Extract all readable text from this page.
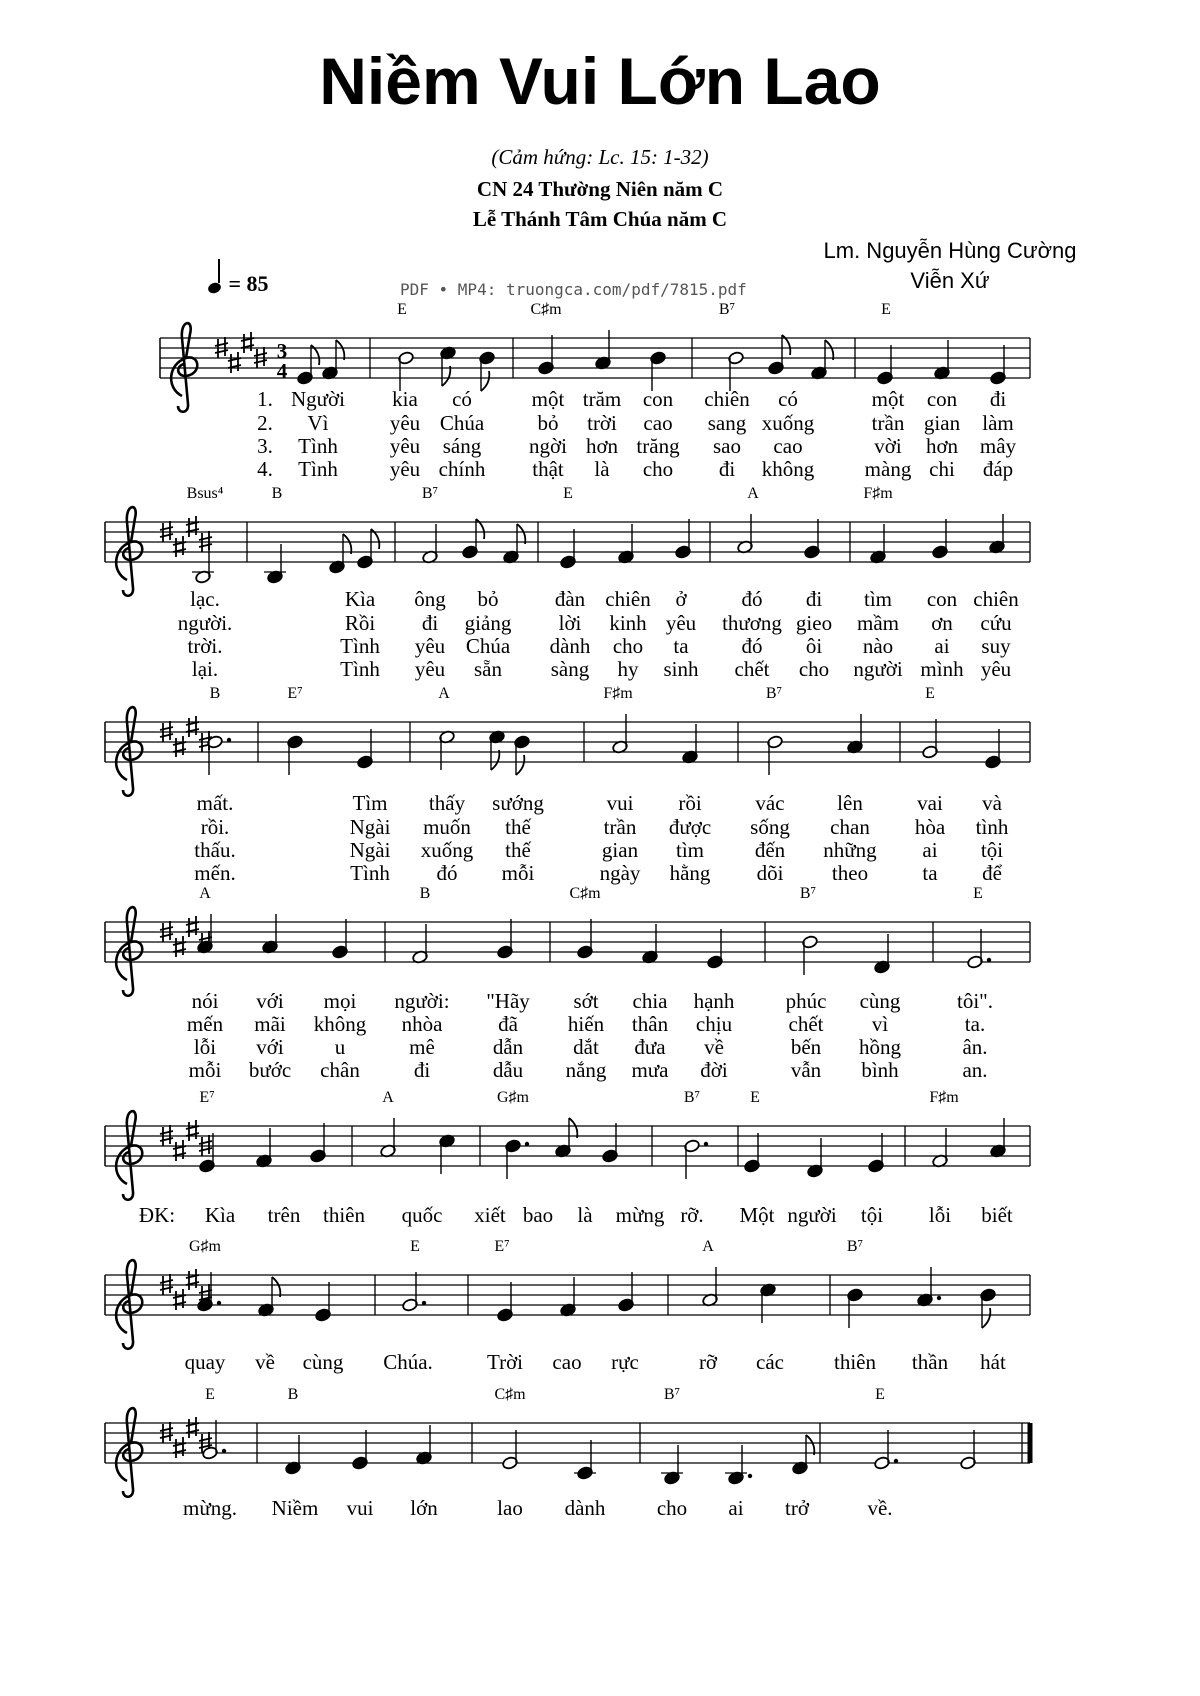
Niềm Vui Lớn Lao
(Cảm hứng: Lc. 15: 1-32)
CN 24 Thường Niên năm C
Lễ Thánh Tâm Chúa năm C
Lm. Nguyễn Hùng Cường
Viễn Xứ
= 85	PDF • MP4: truongca.com/pdf/7815.pdf
3
4
E	C♯m	B⁷	E
1. Người kia có	một trăm con chiên có	một con đi
2. Vì	yêu Chúa	bỏ trời cao sang xuống	trần gian làm
3. Tình yêu sáng ngời hơn trăng sao cao	vời hơn mây
4. Tình yêu chính thật là cho đi không màng chi đáp
Bsus⁴	B	B⁷	E	A	F♯m
lạc.	Kìa ông bỏ	đàn chiên ở	đó đi tìm con chiên
người.	Rồi đi giảng lời kinh yêu thương gieo mầm ơn cứu
trời.	Tình yêu Chúa dành cho ta	đó ôi nào ai suy
lại.	Tình yêu sẵn sàng hy sinh chết cho người mình yêu
B	E⁷	A	F♯m	B⁷	E
mất.	Tìm thấy sướng	vui rồi	vác	lên	vai và
rồi.	Ngài muốn thế	trần được sống chan hòa tình
thấu.	Ngài xuống thế	gian tìm đến những ai tội
mến.	Tình đó mỗi	ngày hằng dõi theo	ta để
A	B	C♯m	B⁷	E
nói với mọi người: "Hãy sớt chia hạnh phúc cùng	tôi".
mến mãi không nhòa	đã hiến thân chịu	chết vì	ta.
lỗi với u	mê	dẫn dắt đưa về	bến hồng	ân.
mỗi bước chân	đi	dẫu nắng mưa đời	vẫn bình	an.
E⁷	A	G♯m	B⁷	E	F♯m
ĐK: Kìa trên thiên quốc xiết bao là mừng rỡ. Một người tội lỗi biết
G♯m	E	E⁷	A	B⁷
quay về cùng Chúa.	Trời cao rực	rỡ các thiên thần hát
E	B	C♯m	B⁷	E
mừng. Niềm vui lớn	lao dành cho ai trở	về.
